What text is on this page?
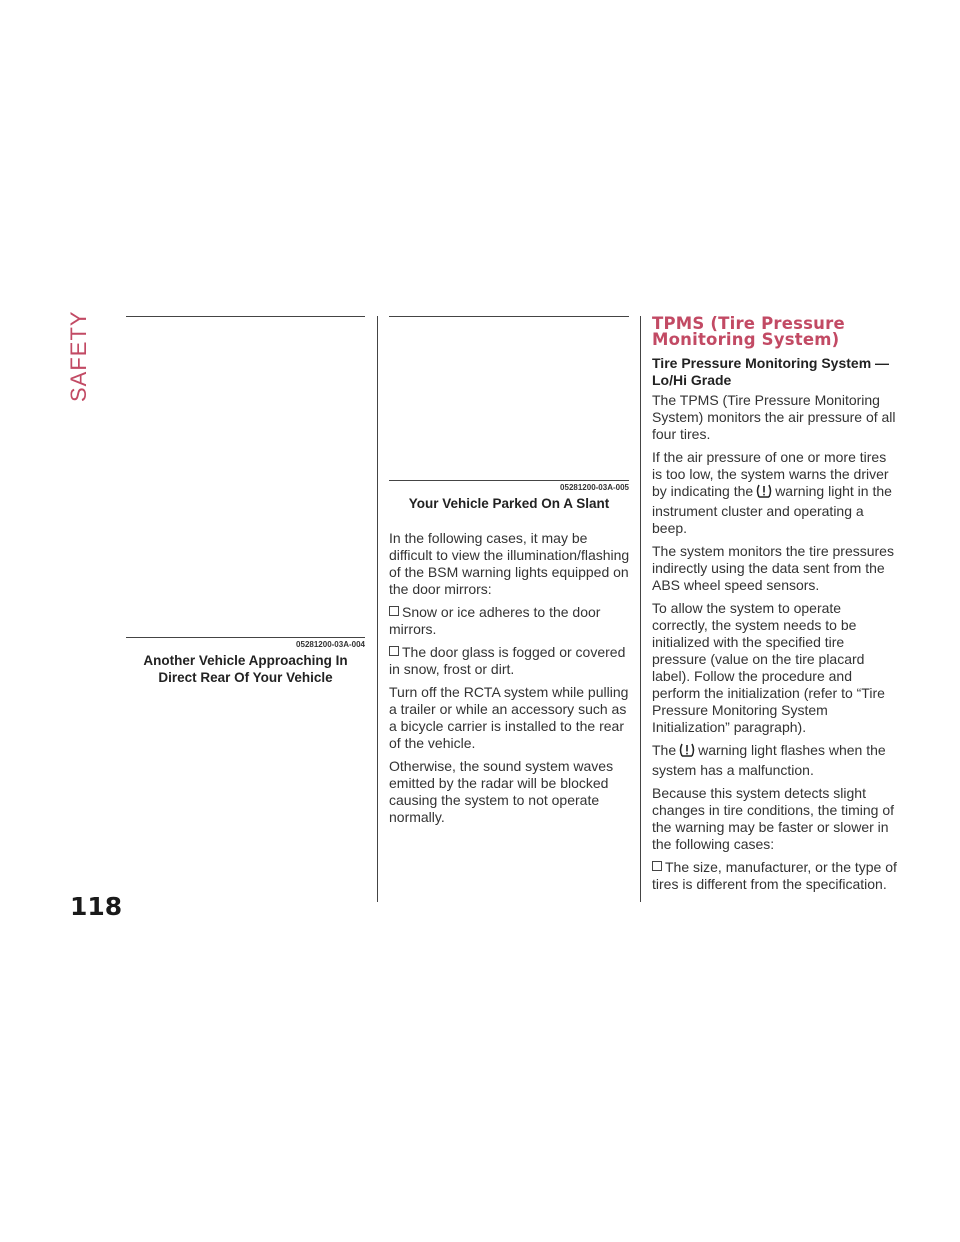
SAFETY
118
05281200-03A-004
Another Vehicle Approaching In
Direct Rear Of Your Vehicle
05281200-03A-005
Your Vehicle Parked On A Slant

In the following cases, it may be difficult to view the illumination/flashing of the BSM warning lights equipped on the door mirrors:

Snow or ice adheres to the door mirrors.

The door glass is fogged or covered in snow, frost or dirt.

Turn off the RCTA system while pulling a trailer or while an accessory such as a bicycle carrier is installed to the rear of the vehicle.

Otherwise, the sound system waves emitted by the radar will be blocked causing the system to not operate normally.

TPMS (Tire Pressure
Monitoring System)
Tire Pressure Monitoring System — Lo/Hi Grade

The TPMS (Tire Pressure Monitoring System) monitors the air pressure of all four tires.

If the air pressure of one or more tires is too low, the system warns the driver by indicating the warning light in the instrument cluster and operating a beep.

The system monitors the tire pressures indirectly using the data sent from the ABS wheel speed sensors.

To allow the system to operate correctly, the system needs to be initialized with the specified tire pressure (value on the tire placard label). Follow the procedure and perform the initialization (refer to “Tire Pressure Monitoring System Initialization” paragraph).

The warning light flashes when the system has a malfunction.

Because this system detects slight changes in tire conditions, the timing of the warning may be faster or slower in the following cases:

The size, manufacturer, or the type of tires is different from the specification.
